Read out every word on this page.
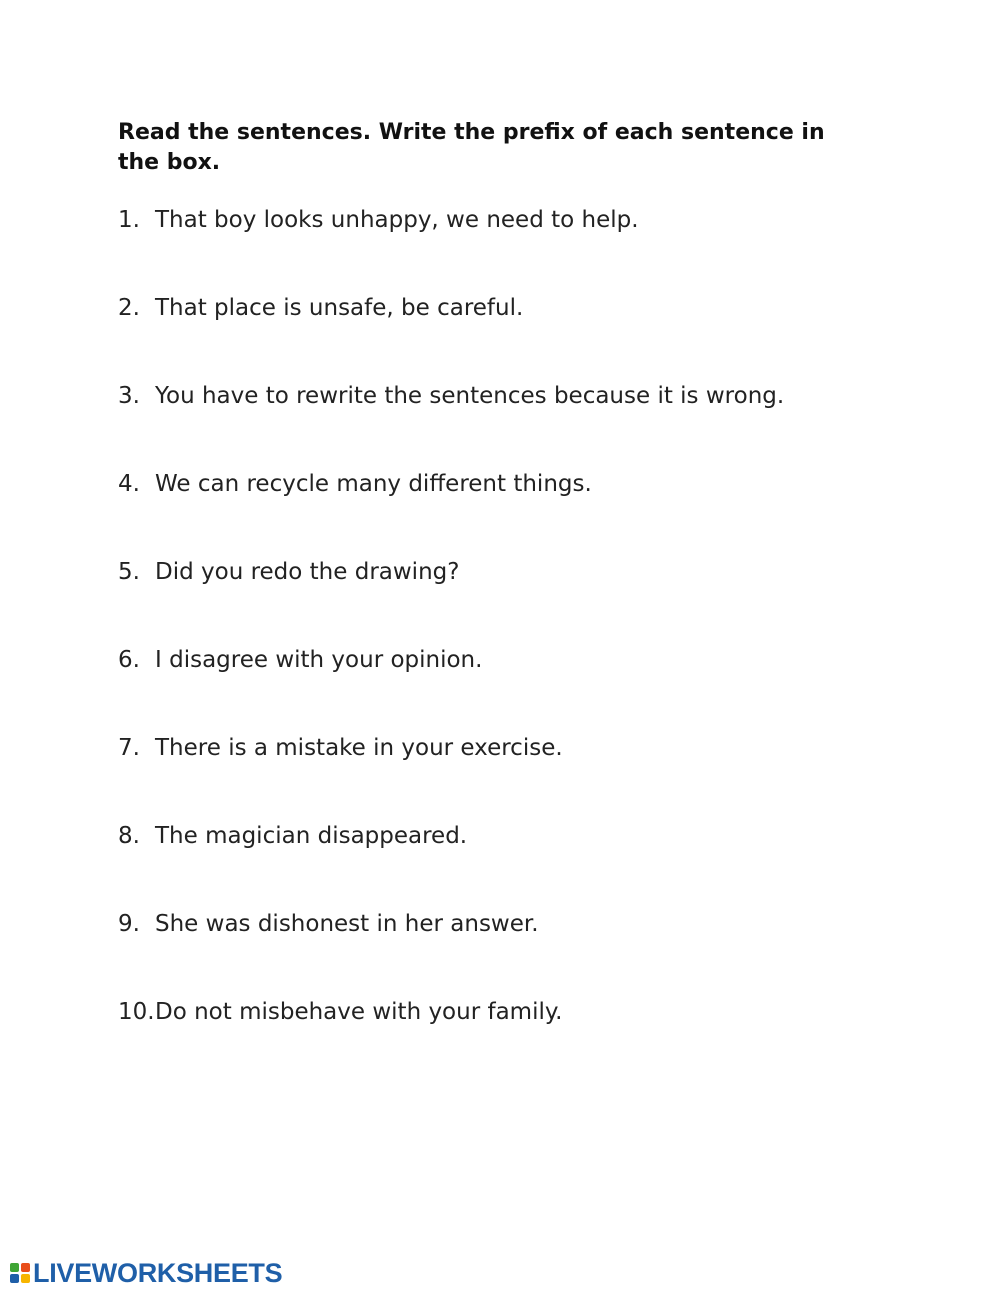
Read the sentences. Write the prefix of each sentence in the box.
1. That boy looks unhappy, we need to help.
2. That place is unsafe, be careful.
3. You have to rewrite the sentences because it is wrong.
4. We can recycle many different things.
5. Did you redo the drawing?
6. I disagree with your opinion.
7. There is a mistake in your exercise.
8. The magician disappeared.
9. She was dishonest in her answer.
10. Do not misbehave with your family.
LIVEWORKSHEETS
